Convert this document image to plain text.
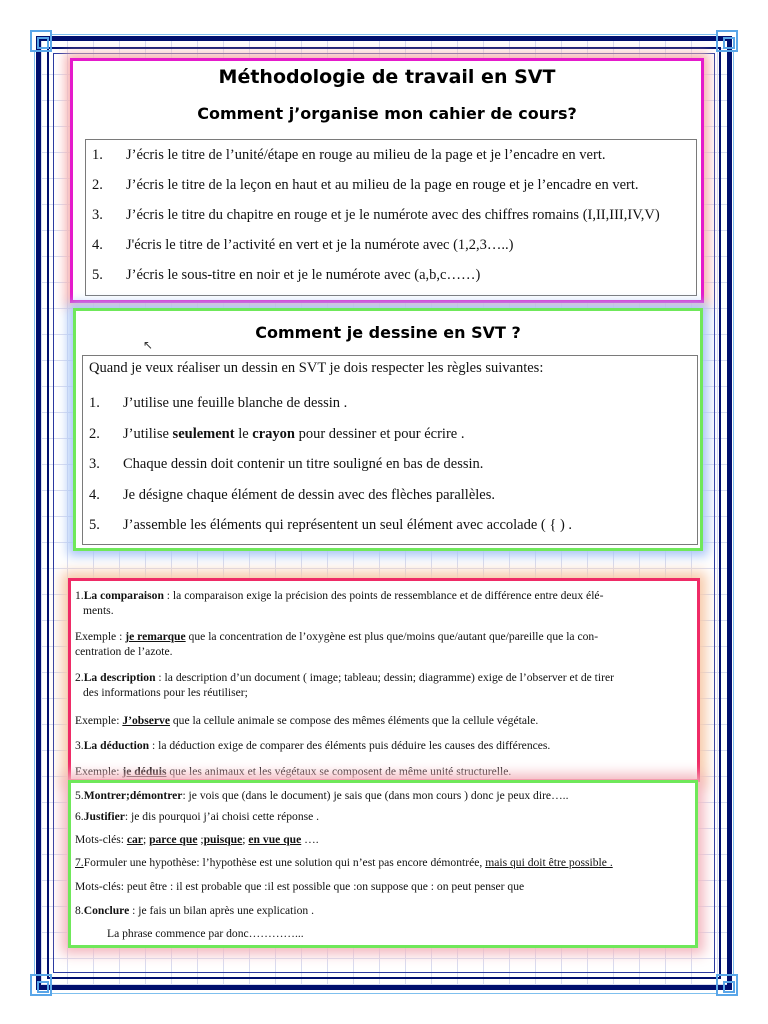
Méthodologie de travail en SVT
Comment j’organise mon cahier de cours?
1. J’écris le titre de l’unité/étape en rouge au milieu de la page et je l’encadre en vert.
2. J’écris le titre de la leçon en haut et au milieu de la page en rouge et je l’encadre en vert.
3. J’écris le titre du chapitre en rouge et je le numérote avec des chiffres romains (I,II,III,IV,V)
4. J'écris le titre de l’activité en vert et je la numérote avec (1,2,3…..)
5. J’écris le sous-titre en noir et je le numérote avec (a,b,c……)
Comment je dessine en SVT ?
Quand je veux réaliser un dessin en SVT je dois respecter les règles suivantes:
1. J’utilise une feuille blanche de dessin .
2. J’utilise seulement le crayon pour dessiner et pour écrire .
3. Chaque dessin doit contenir un titre souligné en bas de dessin.
4. Je désigne chaque élément de dessin avec des flèches parallèles.
5. J’assemble les éléments qui représentent un seul élément avec accolade ( { ) .
1.La comparaison : la comparaison exige la précision des points de ressemblance et de différence entre deux élé-
ments.
Exemple : je remarque que la concentration de l’oxygène est plus que/moins que/autant que/pareille que la con-
centration de l’azote.
2.La description : la description d’un document ( image; tableau; dessin; diagramme) exige de l’observer et de tirer
des informations pour les réutiliser;
Exemple: J’observe que la cellule animale se compose des mêmes éléments que la cellule végétale.
3.La déduction : la déduction exige de comparer des éléments puis déduire les causes des différences.
Exemple: je déduis que les animaux et les végétaux se composent de même unité structurelle.
5.Montrer;démontrer: je vois que (dans le document) je sais que (dans mon cours ) donc je peux dire…..
6.Justifier: je dis pourquoi j’ai choisi cette réponse .
Mots-clés: car; parce que ;puisque; en vue que ….
7.Formuler une hypothèse: l’hypothèse est une solution qui n’est pas encore démontrée, mais qui doit être possible .
Mots-clés: peut être : il est probable que :il est possible que :on suppose que : on peut penser que
8.Conclure : je fais un bilan après une explication .
La phrase commence par donc…………...
↖
